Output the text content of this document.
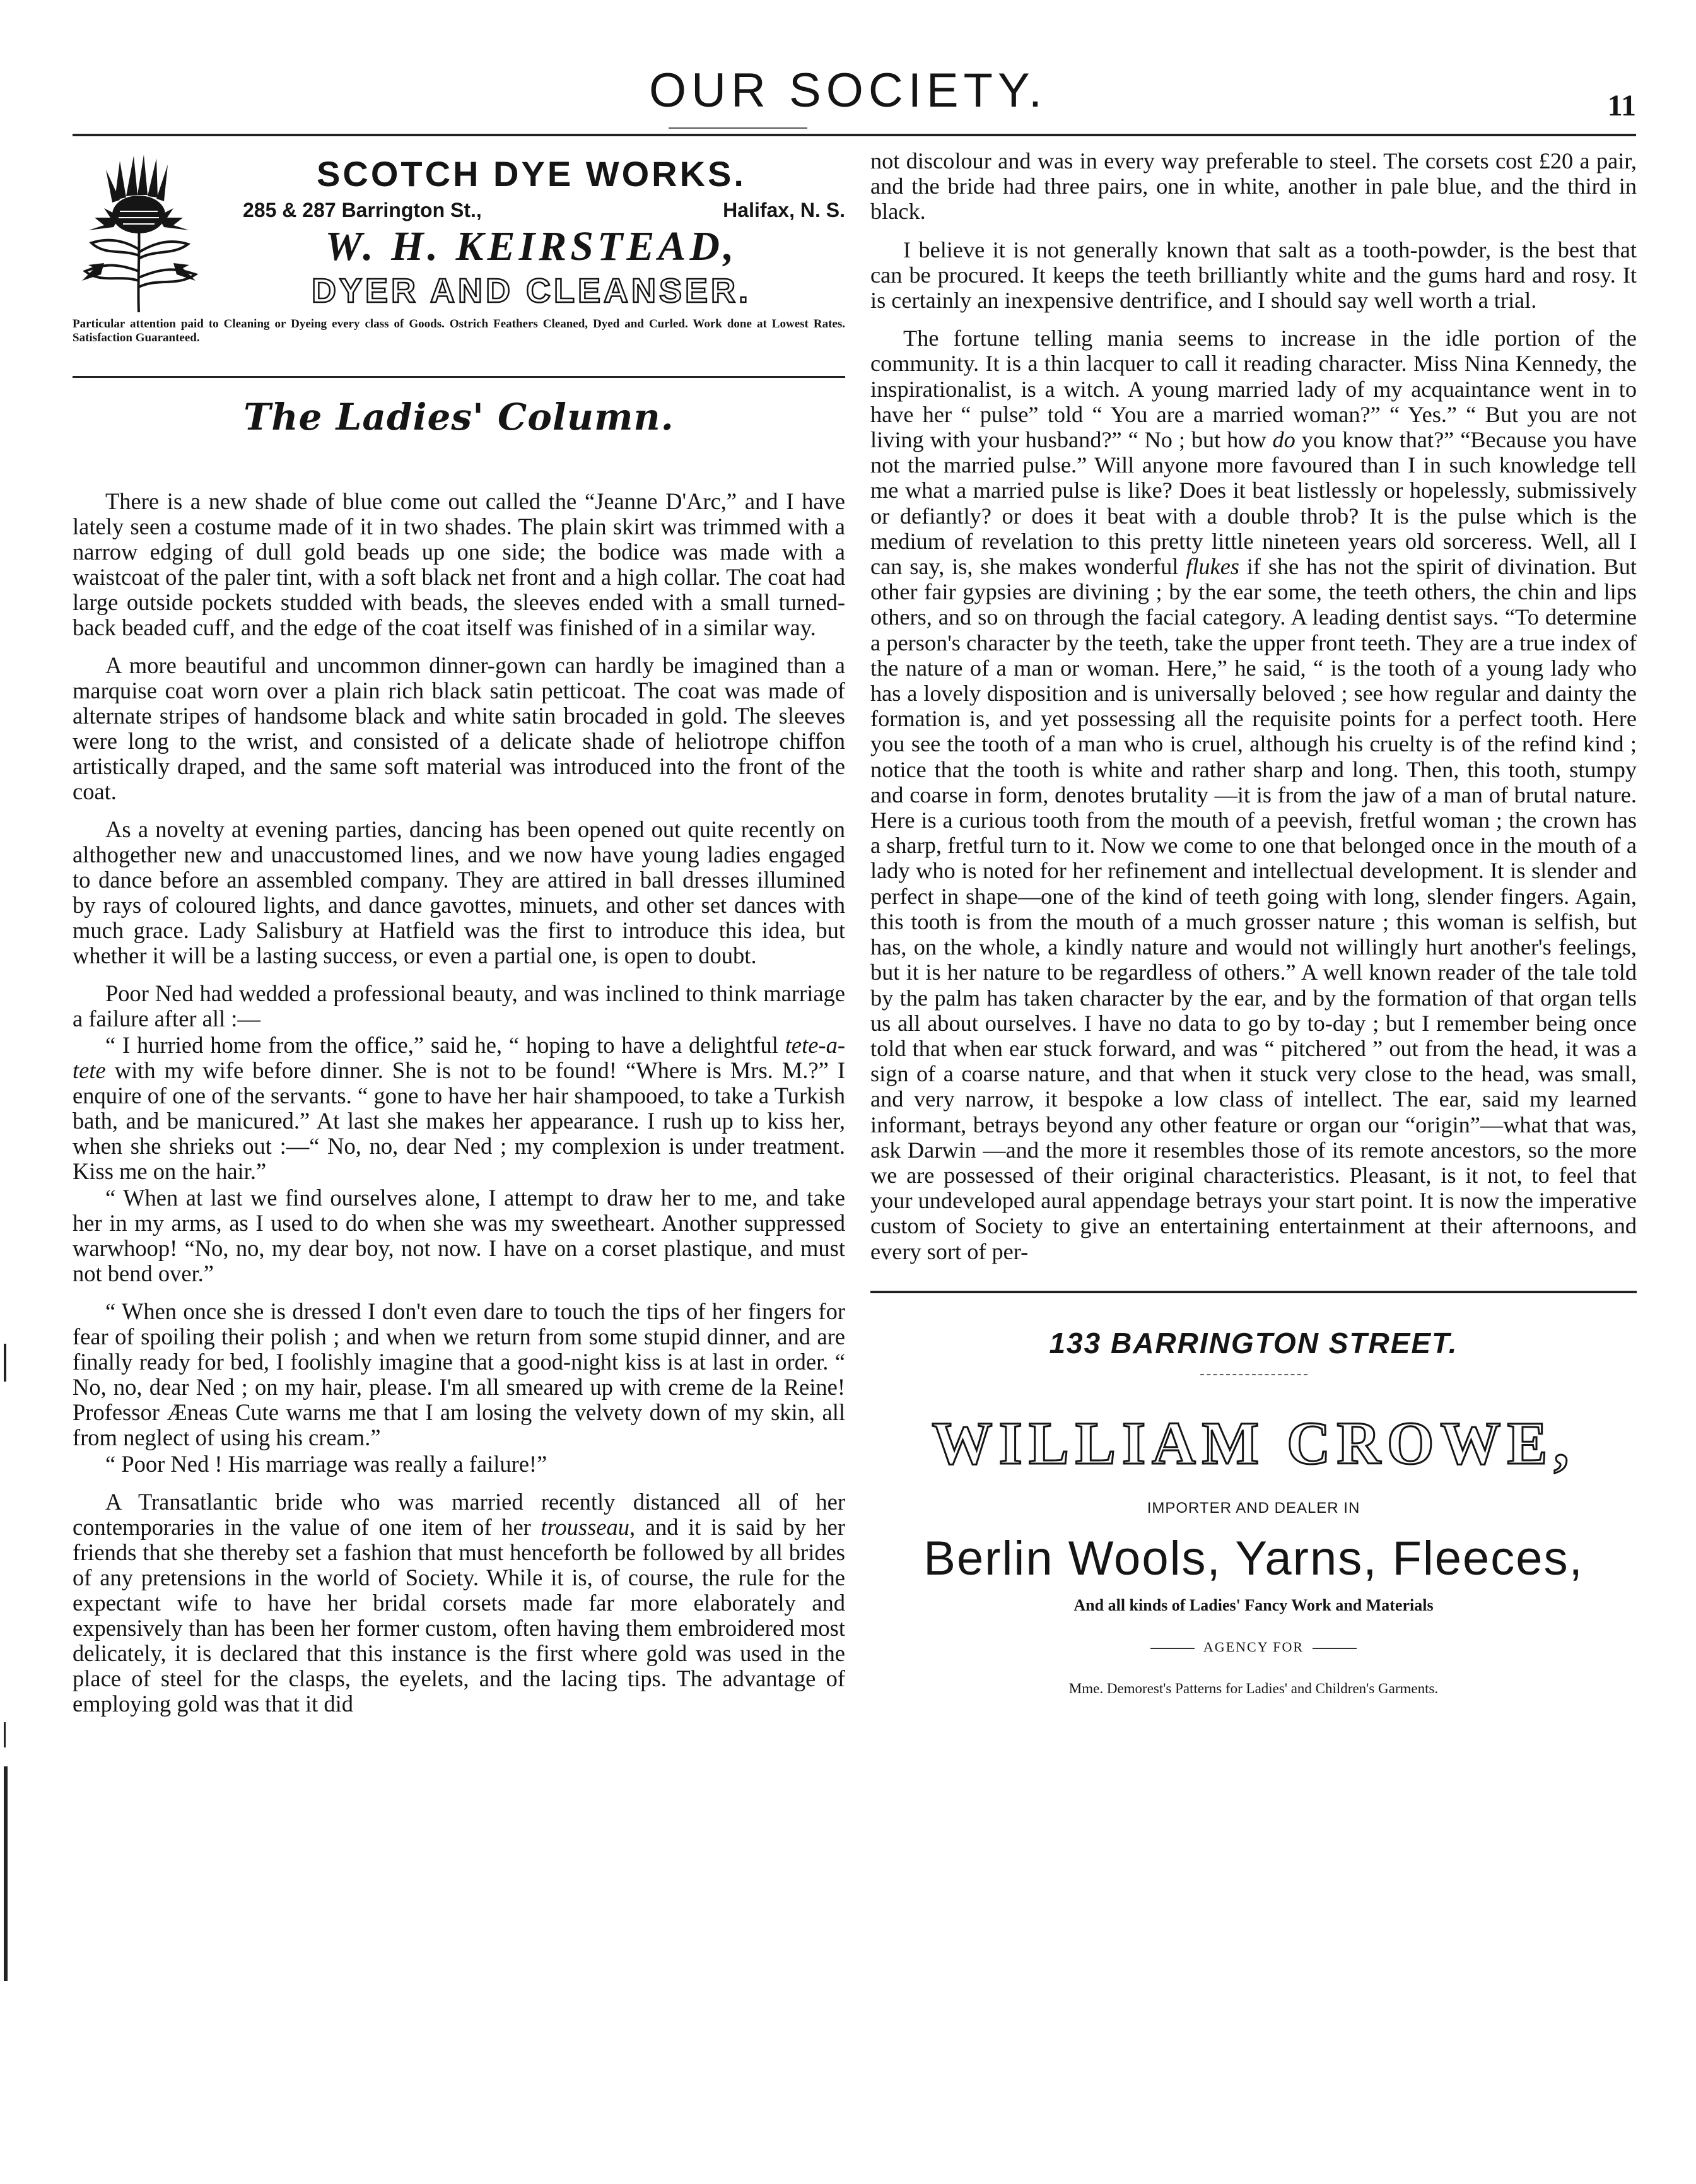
OUR SOCIETY.	11
SCOTCH DYE WORKS.
285 & 287 Barrington St.,	Halifax, N. S.
W. H. KEIRSTEAD,
DYER AND CLEANSER.
Particular attention paid to Cleaning or Dyeing every class of Goods. Ostrich Feathers Cleaned, Dyed and Curled. Work done at Lowest Rates. Satisfaction Guaranteed.
The Ladies' Column.

There is a new shade of blue come out called the “Jeanne D'Arc,” and I have lately seen a costume made of it in two shades. The plain skirt was trimmed with a narrow edging of dull gold beads up one side; the bodice was made with a waistcoat of the paler tint, with a soft black net front and a high collar. The coat had large outside pockets studded with beads, the sleeves ended with a small turned-back beaded cuff, and the edge of the coat itself was finished of in a similar way.

A more beautiful and uncommon dinner-gown can hardly be imagined than a marquise coat worn over a plain rich black satin petticoat. The coat was made of alternate stripes of handsome black and white satin brocaded in gold. The sleeves were long to the wrist, and consisted of a delicate shade of heliotrope chiffon artistically draped, and the same soft material was introduced into the front of the coat.

As a novelty at evening parties, dancing has been opened out quite recently on althogether new and unaccustomed lines, and we now have young ladies engaged to dance before an assembled company. They are attired in ball dresses illumined by rays of coloured lights, and dance gavottes, minuets, and other set dances with much grace. Lady Salisbury at Hatfield was the first to introduce this idea, but whether it will be a lasting success, or even a partial one, is open to doubt.

Poor Ned had wedded a professional beauty, and was inclined to think marriage a failure after all :—

“ I hurried home from the office,” said he, “ hoping to have a delightful tete-a-tete with my wife before dinner. She is not to be found! “Where is Mrs. M.?” I enquire of one of the servants. “ gone to have her hair shampooed, to take a Turkish bath, and be manicured.” At last she makes her appearance. I rush up to kiss her, when she shrieks out :—“ No, no, dear Ned ; my complexion is under treatment. Kiss me on the hair.”

“ When at last we find ourselves alone, I attempt to draw her to me, and take her in my arms, as I used to do when she was my sweetheart. Another suppressed warwhoop! “No, no, my dear boy, not now. I have on a corset plastique, and must not bend over.”

“ When once she is dressed I don't even dare to touch the tips of her fingers for fear of spoiling their polish ; and when we return from some stupid dinner, and are finally ready for bed, I foolishly imagine that a good-night kiss is at last in order. “ No, no, dear Ned ; on my hair, please. I'm all smeared up with creme de la Reine! Professor Æneas Cute warns me that I am losing the velvety down of my skin, all from neglect of using his cream.”

“ Poor Ned ! His marriage was really a failure!”

A Transatlantic bride who was married recently distanced all of her contemporaries in the value of one item of her trousseau, and it is said by her friends that she thereby set a fashion that must henceforth be followed by all brides of any pretensions in the world of Society. While it is, of course, the rule for the expectant wife to have her bridal corsets made far more elaborately and expensively than has been her former custom, often having them embroidered most delicately, it is declared that this instance is the first where gold was used in the place of steel for the clasps, the eyelets, and the lacing tips. The advantage of employing gold was that it did

not discolour and was in every way preferable to steel. The corsets cost £20 a pair, and the bride had three pairs, one in white, another in pale blue, and the third in black.

I believe it is not generally known that salt as a tooth-powder, is the best that can be procured. It keeps the teeth brilliantly white and the gums hard and rosy. It is certainly an inexpensive dentrifice, and I should say well worth a trial.

The fortune telling mania seems to increase in the idle portion of the community. It is a thin lacquer to call it reading character. Miss Nina Kennedy, the inspirationalist, is a witch. A young married lady of my acquaintance went in to have her “ pulse” told “ You are a married woman?” “ Yes.” “ But you are not living with your husband?” “ No ; but how do you know that?” “Because you have not the married pulse.” Will anyone more favoured than I in such knowledge tell me what a married pulse is like? Does it beat listlessly or hopelessly, submissively or defiantly? or does it beat with a double throb? It is the pulse which is the medium of revelation to this pretty little nineteen years old sorceress. Well, all I can say, is, she makes wonderful flukes if she has not the spirit of divination. But other fair gypsies are divining ; by the ear some, the teeth others, the chin and lips others, and so on through the facial category. A leading dentist says. “To determine a person's character by the teeth, take the upper front teeth. They are a true index of the nature of a man or woman. Here,” he said, “ is the tooth of a young lady who has a lovely disposition and is universally beloved ; see how regular and dainty the formation is, and yet possessing all the requisite points for a perfect tooth. Here you see the tooth of a man who is cruel, although his cruelty is of the refind kind ; notice that the tooth is white and rather sharp and long. Then, this tooth, stumpy and coarse in form, denotes brutality —it is from the jaw of a man of brutal nature. Here is a curious tooth from the mouth of a peevish, fretful woman ; the crown has a sharp, fretful turn to it. Now we come to one that belonged once in the mouth of a lady who is noted for her refinement and intellectual development. It is slender and perfect in shape—one of the kind of teeth going with long, slender fingers. Again, this tooth is from the mouth of a much grosser nature ; this woman is selfish, but has, on the whole, a kindly nature and would not willingly hurt another's feelings, but it is her nature to be regardless of others.” A well known reader of the tale told by the palm has taken character by the ear, and by the formation of that organ tells us all about ourselves. I have no data to go by to-day ; but I remember being once told that when ear stuck forward, and was “ pitchered ” out from the head, it was a sign of a coarse nature, and that when it stuck very close to the head, was small, and very narrow, it bespoke a low class of intellect. The ear, said my learned informant, betrays beyond any other feature or organ our “origin”—what that was, ask Darwin —and the more it resembles those of its remote ancestors, so the more we are possessed of their original characteristics. Pleasant, is it not, to feel that your undeveloped aural appendage betrays your start point. It is now the imperative custom of Society to give an entertaining entertainment at their afternoons, and every sort of per-

133 BARRINGTON STREET.
WILLIAM CROWE,
IMPORTER AND DEALER IN
Berlin Wools, Yarns, Fleeces,
And all kinds of Ladies' Fancy Work and Materials
AGENCY FOR
Mme. Demorest's Patterns for Ladies' and Children's Garments.
